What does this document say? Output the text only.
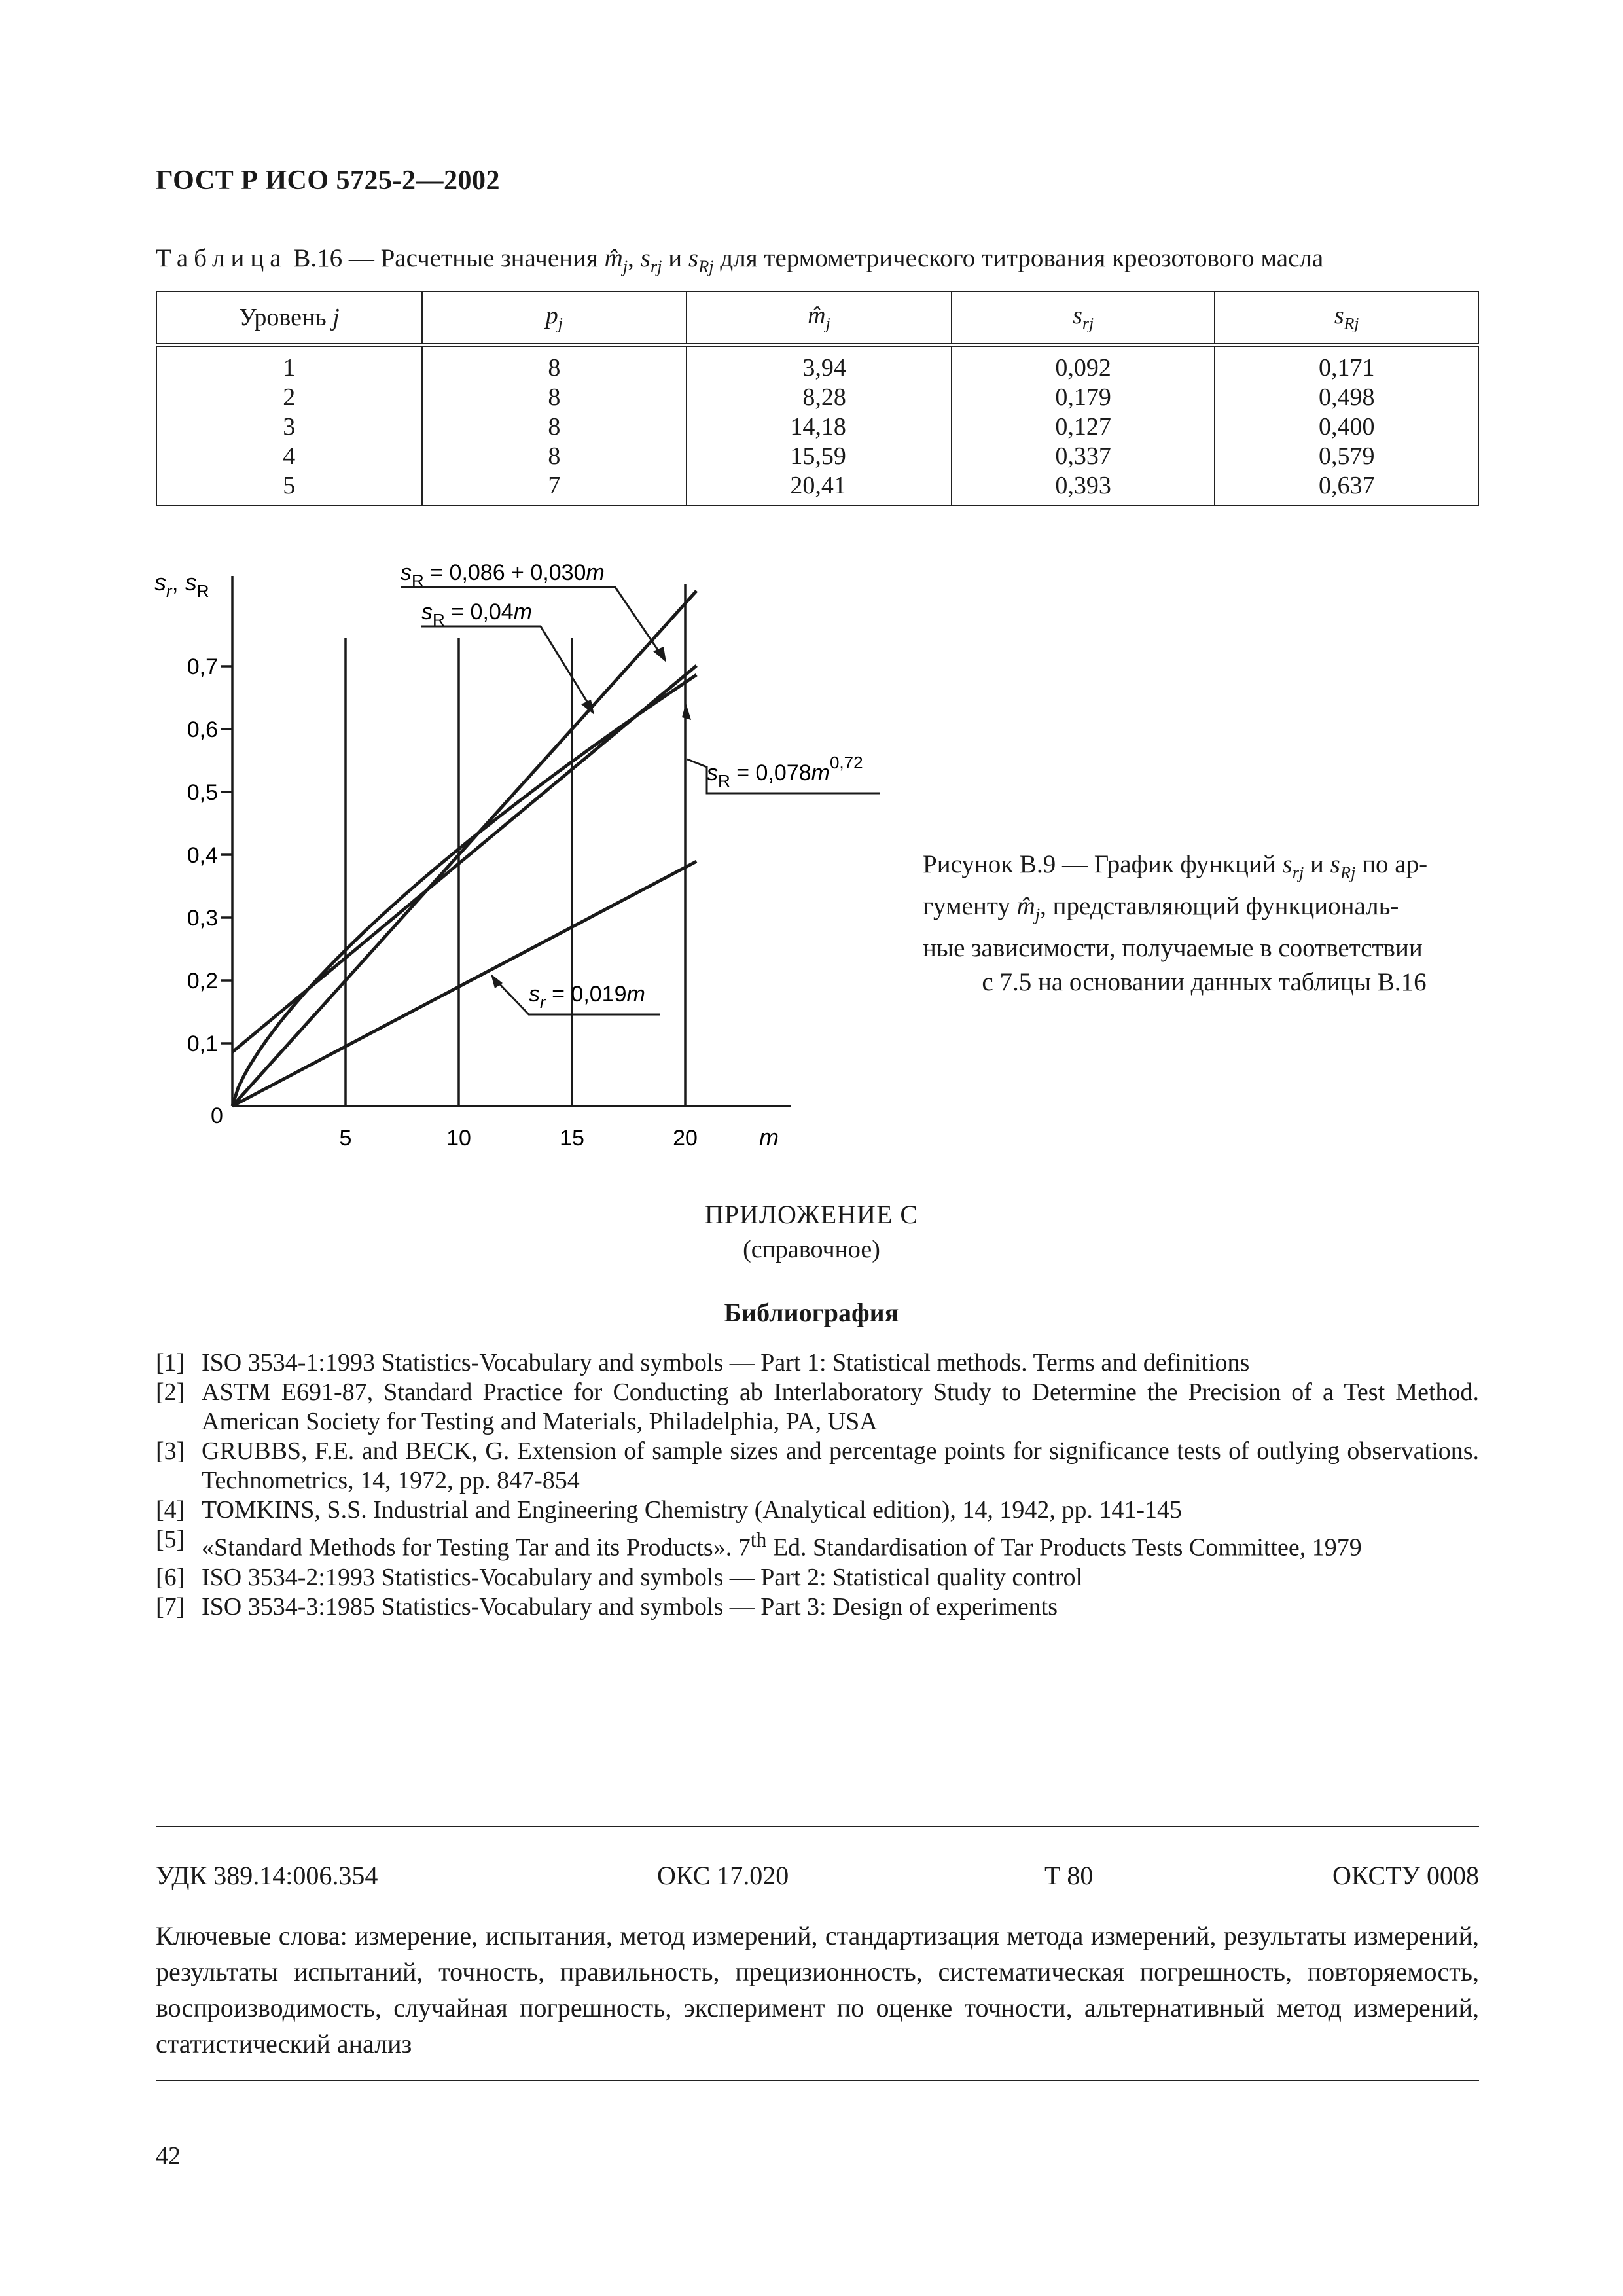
ГОСТ Р ИСО 5725-2—2002
Таблица B.16 — Расчетные значения $m̂_j$, $s_{rj}$ и $s_{Rj}$ для термометрического титрования креозотового масла
Уровень j	$p_j$	$m̂_j$	$s_{rj}$	$s_{Rj}$
1	8	3,94	0,092	0,171
2	8	8,28	0,179	0,498
3	8	14,18	0,127	0,400
4	8	15,59	0,337	0,579
5	7	20,41	0,393	0,637
5	10	15	20
0,1
0,2
0,3
0,4
0,5
0,6
0,7
$s_r$, $s_R$
m
0
$s_R = 0,086 + 0,030m$
$s_R = 0,04m$
$s_R = 0,078m^{0,72}$
$s_r = 0,019m$
Рисунок B.9 — График функций $s_{rj}$ и $s_{Rj}$ по ар-
гументу $m̂_j$, представляющий функциональ-
ные зависимости, получаемые в соответствии
с 7.5 на основании данных таблицы B.16
ПРИЛОЖЕНИЕ C
(справочное)
Библиография
[1] ISO 3534-1:1993 Statistics-Vocabulary and symbols — Part 1: Statistical methods. Terms and definitions
[2] ASTM E691-87, Standard Practice for Conducting ab Interlaboratory Study to Determine the Precision of a Test Method. American Society for Testing and Materials, Philadelphia, PA, USA
[3] GRUBBS, F.E. and BECK, G. Extension of sample sizes and percentage points for significance tests of outlying observations. Technometrics, 14, 1972, pp. 847-854
[4] TOMKINS, S.S. Industrial and Engineering Chemistry (Analytical edition), 14, 1942, pp. 141-145
[5] «Standard Methods for Testing Tar and its Products». 7th Ed. Standardisation of Tar Products Tests Committee, 1979
[6] ISO 3534-2:1993 Statistics-Vocabulary and symbols — Part 2: Statistical quality control
[7] ISO 3534-3:1985 Statistics-Vocabulary and symbols — Part 3: Design of experiments
УДК 389.14:006.354	ОКС 17.020	Т 80	ОКСТУ 0008
Ключевые слова: измерение, испытания, метод измерений, стандартизация метода измерений, результаты измерений, результаты испытаний, точность, правильность, прецизионность, систематическая погрешность, повторяемость, воспроизводимость, случайная погрешность, эксперимент по оценке точности, альтернативный метод измерений, статистический анализ
42
